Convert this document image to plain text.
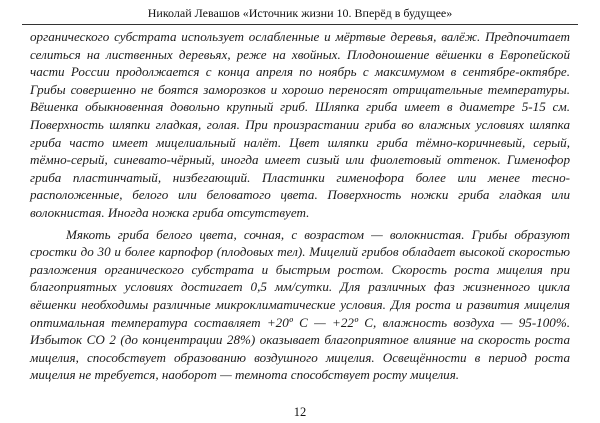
Николай Левашов «Источник жизни 10. Вперёд в будущее»

органического субстрата использует ослабленные и мёртвые деревья, валёж. Предпочитает селиться на лиственных деревьях, реже на хвойных. Плодоношение вёшенки в Европейской части России продолжается с конца апреля по ноябрь с максимумом в сентябре-октябре. Грибы совершенно не боятся заморозков и хорошо переносят отрицательные температуры. Вёшенка обыкновенная довольно крупный гриб. Шляпка гриба имеет в диаметре 5-15 см. Поверхность шляпки гладкая, голая. При произрастании гриба во влажных условиях шляпка гриба часто имеет мицелиальный налёт. Цвет шляпки гриба тёмно-коричневый, серый, тёмно-серый, синевато-чёрный, иногда имеет сизый или фиолетовый оттенок. Гименофор гриба пластинчатый, низбегающий. Пластинки гименофора более или менее тесно-расположенные, белого или беловатого цвета. Поверхность ножки гриба гладкая или волокнистая. Иногда ножка гриба отсутствует.

Мякоть гриба белого цвета, сочная, с возрастом — волокнистая. Грибы образуют сростки до 30 и более карпофор (плодовых тел). Мицелий грибов обладает высокой скоростью разложения органического субстрата и быстрым ростом. Скорость роста мицелия при благоприятных условиях достигает 0,5 мм/сутки. Для различных фаз жизненного цикла вёшенки необходимы различные микроклиматические условия. Для роста и развития мицелия оптимальная температура составляет +20º С — +22º С, влажность воздуха — 95-100%. Избыток СО 2 (до концентрации 28%) оказывает благоприятное влияние на скорость роста мицелия, способствует образованию воздушного мицелия. Освещённости в период роста мицелия не требуется, наоборот — темнота способствует росту мицелия.

12
